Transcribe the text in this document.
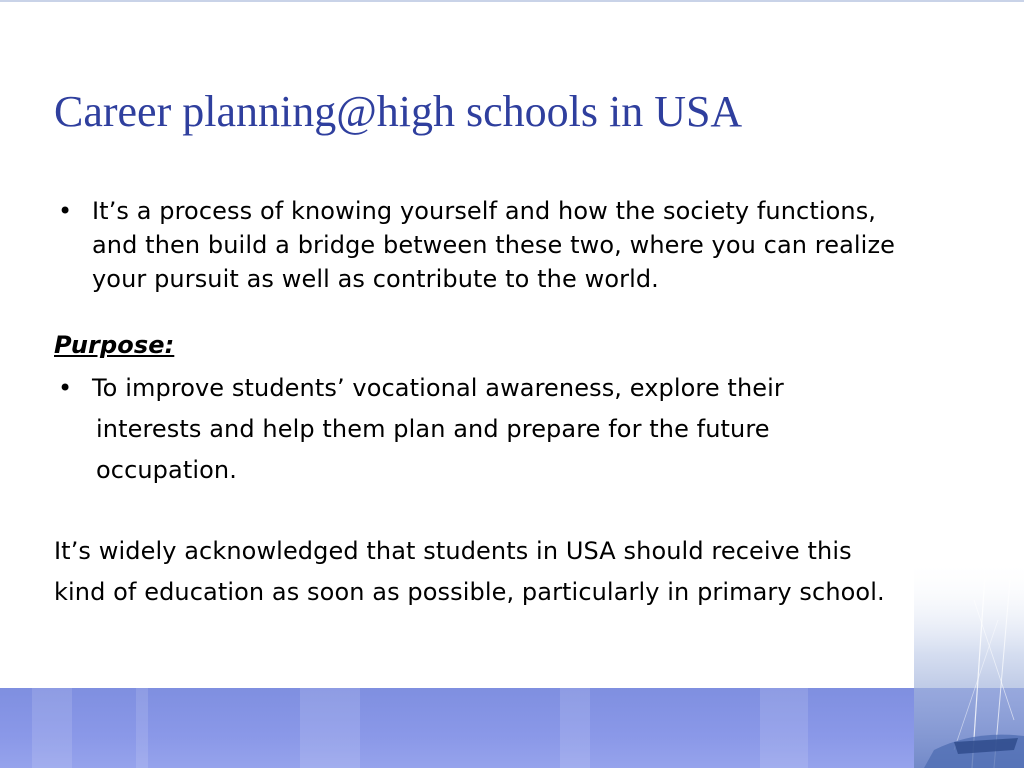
Career planning@high schools in USA
• It’s a process of knowing yourself and how the society functions,
and then build a bridge between these two, where you can realize
your pursuit as well as contribute to the world.
Purpose:
• To improve students’ vocational awareness, explore their
interests and help them plan and prepare for the future
occupation.
It’s widely acknowledged that students in USA should receive this
kind of education as soon as possible, particularly in primary school.
